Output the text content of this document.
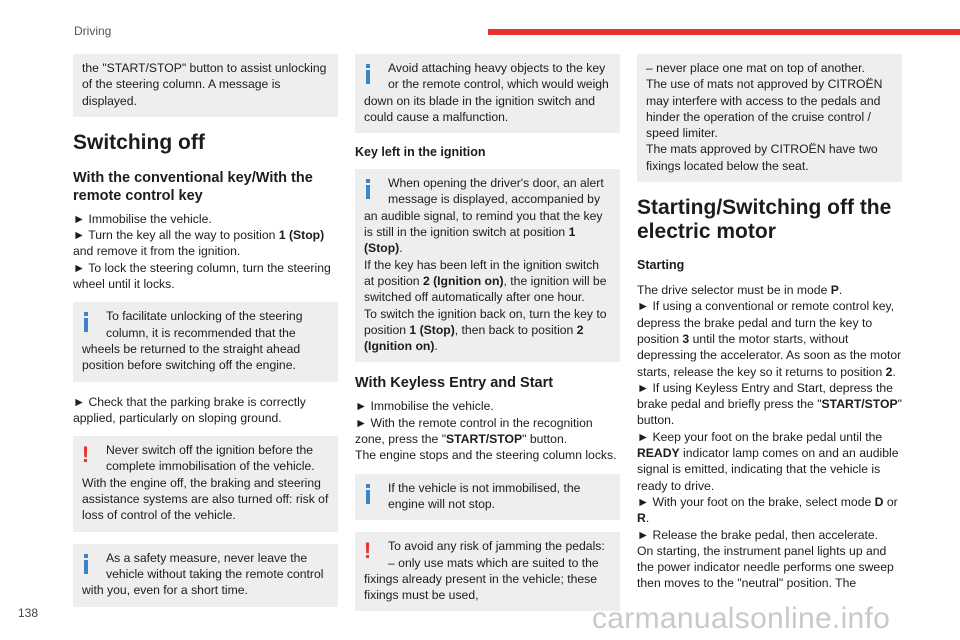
Driving
the "START/STOP" button to assist unlocking of the steering column. A message is displayed.
Switching off
With the conventional key/With the remote control key
► Immobilise the vehicle.
► Turn the key all the way to position 1 (Stop) and remove it from the ignition.
► To lock the steering column, turn the steering wheel until it locks.
To facilitate unlocking of the steering column, it is recommended that the
wheels be returned to the straight ahead position before switching off the engine.
► Check that the parking brake is correctly applied, particularly on sloping ground.
!	Never switch off the ignition before the complete immobilisation of the vehicle.
With the engine off, the braking and steering assistance systems are also turned off: risk of loss of control of the vehicle.
As a safety measure, never leave the vehicle without taking the remote control
with you, even for a short time.
Avoid attaching heavy objects to the key or the remote control, which would weigh
down on its blade in the ignition switch and could cause a malfunction.
Key left in the ignition
When opening the driver's door, an alert message is displayed, accompanied by
an audible signal, to remind you that the key is still in the ignition switch at position 1 (Stop).
If the key has been left in the ignition switch at position 2 (Ignition on), the ignition will be switched off automatically after one hour.
To switch the ignition back on, turn the key to position 1 (Stop), then back to position 2 (Ignition on).
With Keyless Entry and Start
► Immobilise the vehicle.
► With the remote control in the recognition zone, press the "START/STOP" button.
The engine stops and the steering column locks.
If the vehicle is not immobilised, the engine will not stop.
!	To avoid any risk of jamming the pedals:
– only use mats which are suited to the
fixings already present in the vehicle; these fixings must be used,
– never place one mat on top of another.
The use of mats not approved by CITROËN may interfere with access to the pedals and hinder the operation of the cruise control / speed limiter.
The mats approved by CITROËN have two fixings located below the seat.
Starting/Switching off the electric motor
Starting
The drive selector must be in mode P.
► If using a conventional or remote control key, depress the brake pedal and turn the key to position 3 until the motor starts, without depressing the accelerator. As soon as the motor starts, release the key so it returns to position 2.
► If using Keyless Entry and Start, depress the brake pedal and briefly press the "START/STOP" button.
► Keep your foot on the brake pedal until the READY indicator lamp comes on and an audible signal is emitted, indicating that the vehicle is ready to drive.
► With your foot on the brake, select mode D or R.
► Release the brake pedal, then accelerate.
On starting, the instrument panel lights up and the power indicator needle performs one sweep then moves to the "neutral" position. The
138	carmanualsonline.info
